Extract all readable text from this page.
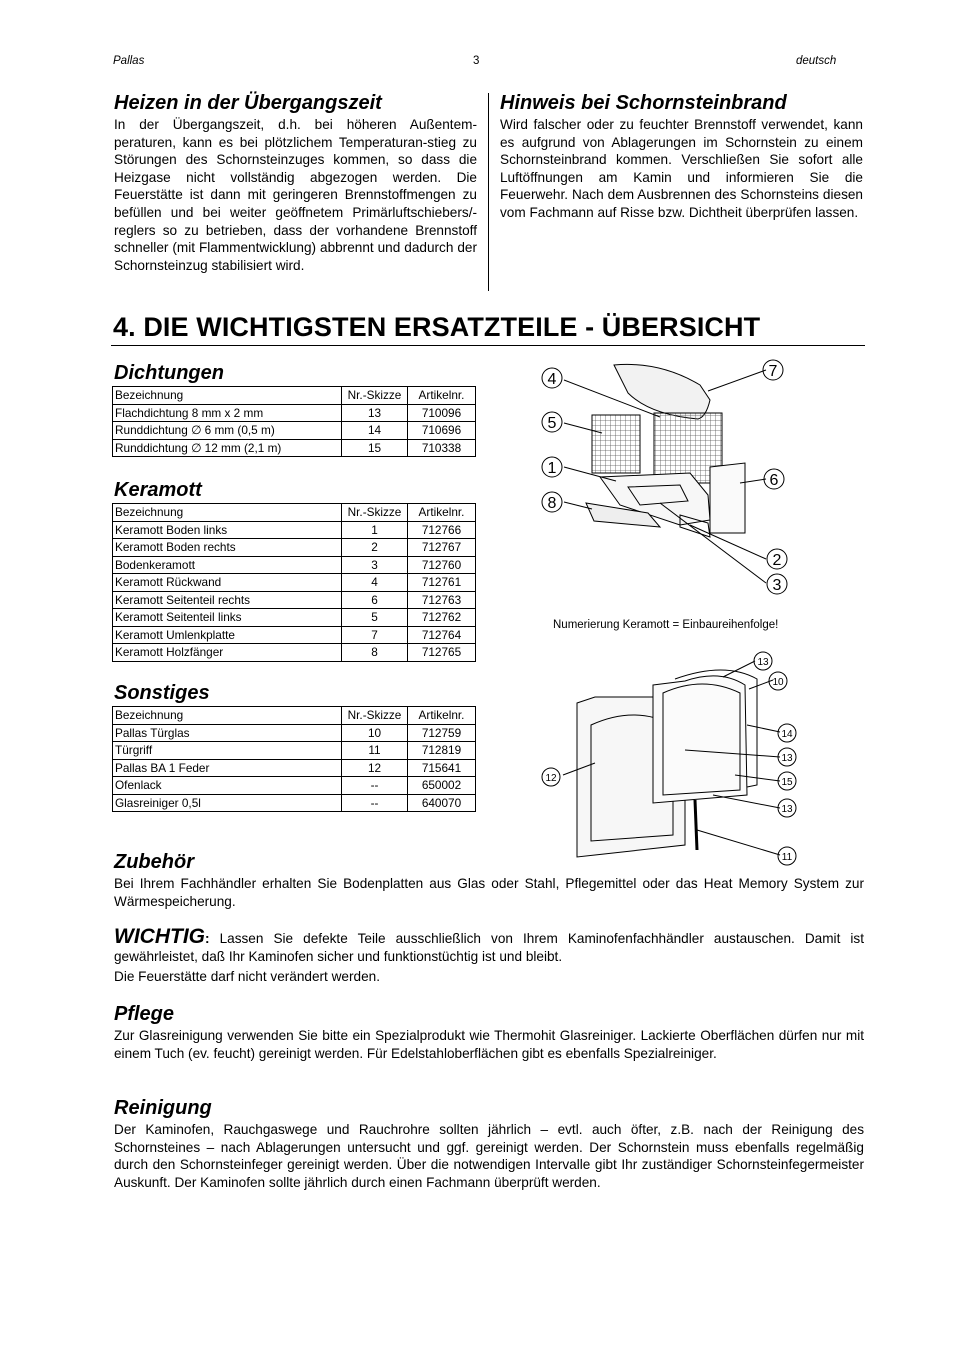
Pallas	3	deutsch
Heizen in der Übergangszeit

In der Übergangszeit, d.h. bei höheren Außentem-peraturen, kann es bei plötzlichem Temperaturan-stieg zu Störungen des Schornsteinzuges kommen, so dass die Heizgase nicht vollständig abgezogen werden. Die Feuerstätte ist dann mit geringeren Brennstoffmengen zu befüllen und bei weiter geöffnetem Primärluftschiebers/-reglers so zu betrieben, dass der vorhandene Brennstoff schneller (mit Flammentwicklung) abbrennt und dadurch der Schornsteinzug stabilisiert wird.

Hinweis bei Schornsteinbrand

Wird falscher oder zu feuchter Brennstoff verwendet, kann es aufgrund von Ablagerungen im Schornstein zu einem Schornsteinbrand kommen. Verschließen Sie sofort alle Luftöffnungen am Kamin und informieren Sie die Feuerwehr. Nach dem Ausbrennen des Schornsteins diesen vom Fachmann auf Risse bzw. Dichtheit überprüfen lassen.

4. DIE WICHTIGSTEN ERSATZTEILE - ÜBERSICHT
Dichtungen
Bezeichnung	Nr.-Skizze	Artikelnr.
Flachdichtung 8 mm x 2 mm	13	710096
Runddichtung ∅ 6 mm (0,5 m)	14	710696
Runddichtung ∅ 12 mm (2,1 m)	15	710338
Keramott
Bezeichnung	Nr.-Skizze	Artikelnr.
Keramott Boden links	1	712766
Keramott Boden rechts	2	712767
Bodenkeramott	3	712760
Keramott Rückwand	4	712761
Keramott Seitenteil rechts	6	712763
Keramott Seitenteil links	5	712762
Keramott Umlenkplatte	7	712764
Keramott Holzfänger	8	712765
Sonstiges
Bezeichnung	Nr.-Skizze	Artikelnr.
Pallas Türglas	10	712759
Türgriff	11	712819
Pallas BA 1 Feder	12	715641
Ofenlack	--	650002
Glasreiniger 0,5l	--	640070
4
5
1
8
7
6
2
3
Numerierung Keramott = Einbaureihenfolge!
12
13
10
14
13
15
13
11
Zubehör

Bei Ihrem Fachhändler erhalten Sie Bodenplatten aus Glas oder Stahl, Pflegemittel oder das Heat Memory System zur Wärmespeicherung.

WICHTIG: Lassen Sie defekte Teile ausschließlich von Ihrem Kaminofenfachhändler austauschen. Damit ist gewährleistet, daß Ihr Kaminofen sicher und funktionstüchtig ist und bleibt.

Die Feuerstätte darf nicht verändert werden.

Pflege

Zur Glasreinigung verwenden Sie bitte ein Spezialprodukt wie Thermohit Glasreiniger. Lackierte Oberflächen dürfen nur mit einem Tuch (ev. feucht) gereinigt werden. Für Edelstahloberflächen gibt es ebenfalls Spezialreiniger.

Reinigung

Der Kaminofen, Rauchgaswege und Rauchrohre sollten jährlich – evtl. auch öfter, z.B. nach der Reinigung des Schornsteines – nach Ablagerungen untersucht und ggf. gereinigt werden. Der Schornstein muss ebenfalls regelmäßig durch den Schornsteinfeger gereinigt werden. Über die notwendigen Intervalle gibt Ihr zuständiger Schornsteinfegermeister Auskunft. Der Kaminofen sollte jährlich durch einen Fachmann überprüft werden.
